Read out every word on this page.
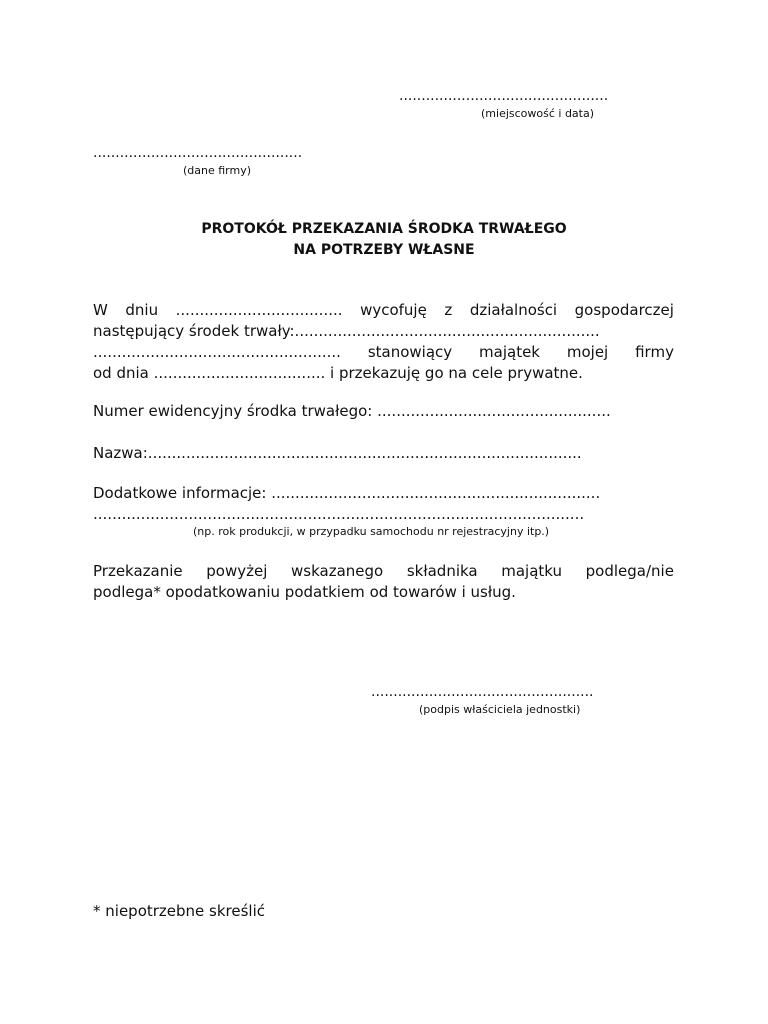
...............................................
(miejscowość i data)
...............................................
(dane firmy)
PROTOKÓŁ PRZEKAZANIA ŚRODKA TRWAŁEGO
NA POTRZEBY WŁASNE
W dniu ................................... wycofuję z działalności gospodarczej
następujący środek trwały:................................................................
.................................................... stanowiący majątek mojej firmy
od dnia .................................... i przekazuję go na cele prywatne.
Numer ewidencyjny środka trwałego: .................................................
Nazwa:...........................................................................................
Dodatkowe informacje: .....................................................................
.......................................................................................................
(np. rok produkcji, w przypadku samochodu nr rejestracyjny itp.)
Przekazanie powyżej wskazanego składnika majątku podlega/nie
podlega* opodatkowaniu podatkiem od towarów i usług.
..................................................
(podpis właściciela jednostki)
* niepotrzebne skreślić
